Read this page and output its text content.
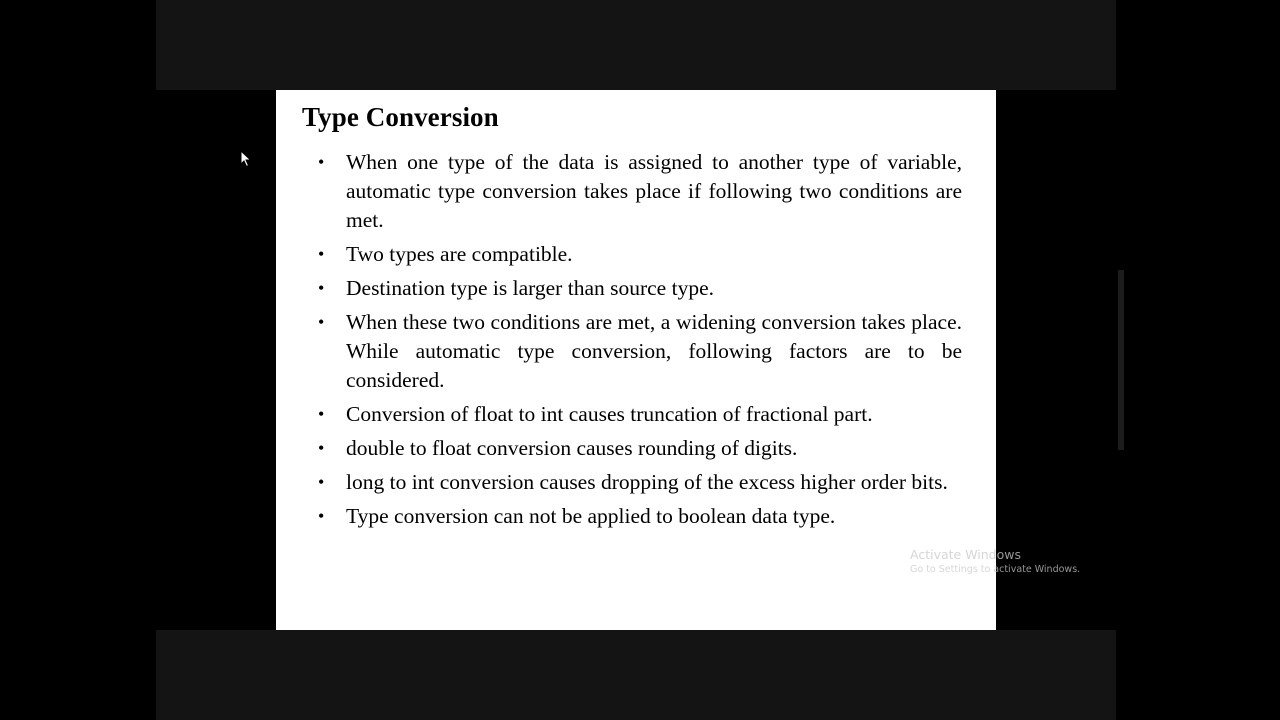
Type Conversion
• When one type of the data is assigned to another type of variable, automatic type conversion takes place if following two conditions are met.
• Two types are compatible.
• Destination type is larger than source type.
• When these two conditions are met, a widening conversion takes place. While automatic type conversion, following factors are to be considered.
• Conversion of float to int causes truncation of fractional part.
• double to float conversion causes rounding of digits.
• long to int conversion causes dropping of the excess higher order bits.
• Type conversion can not be applied to boolean data type.
Activate Windows
Go to Settings to activate Windows.
